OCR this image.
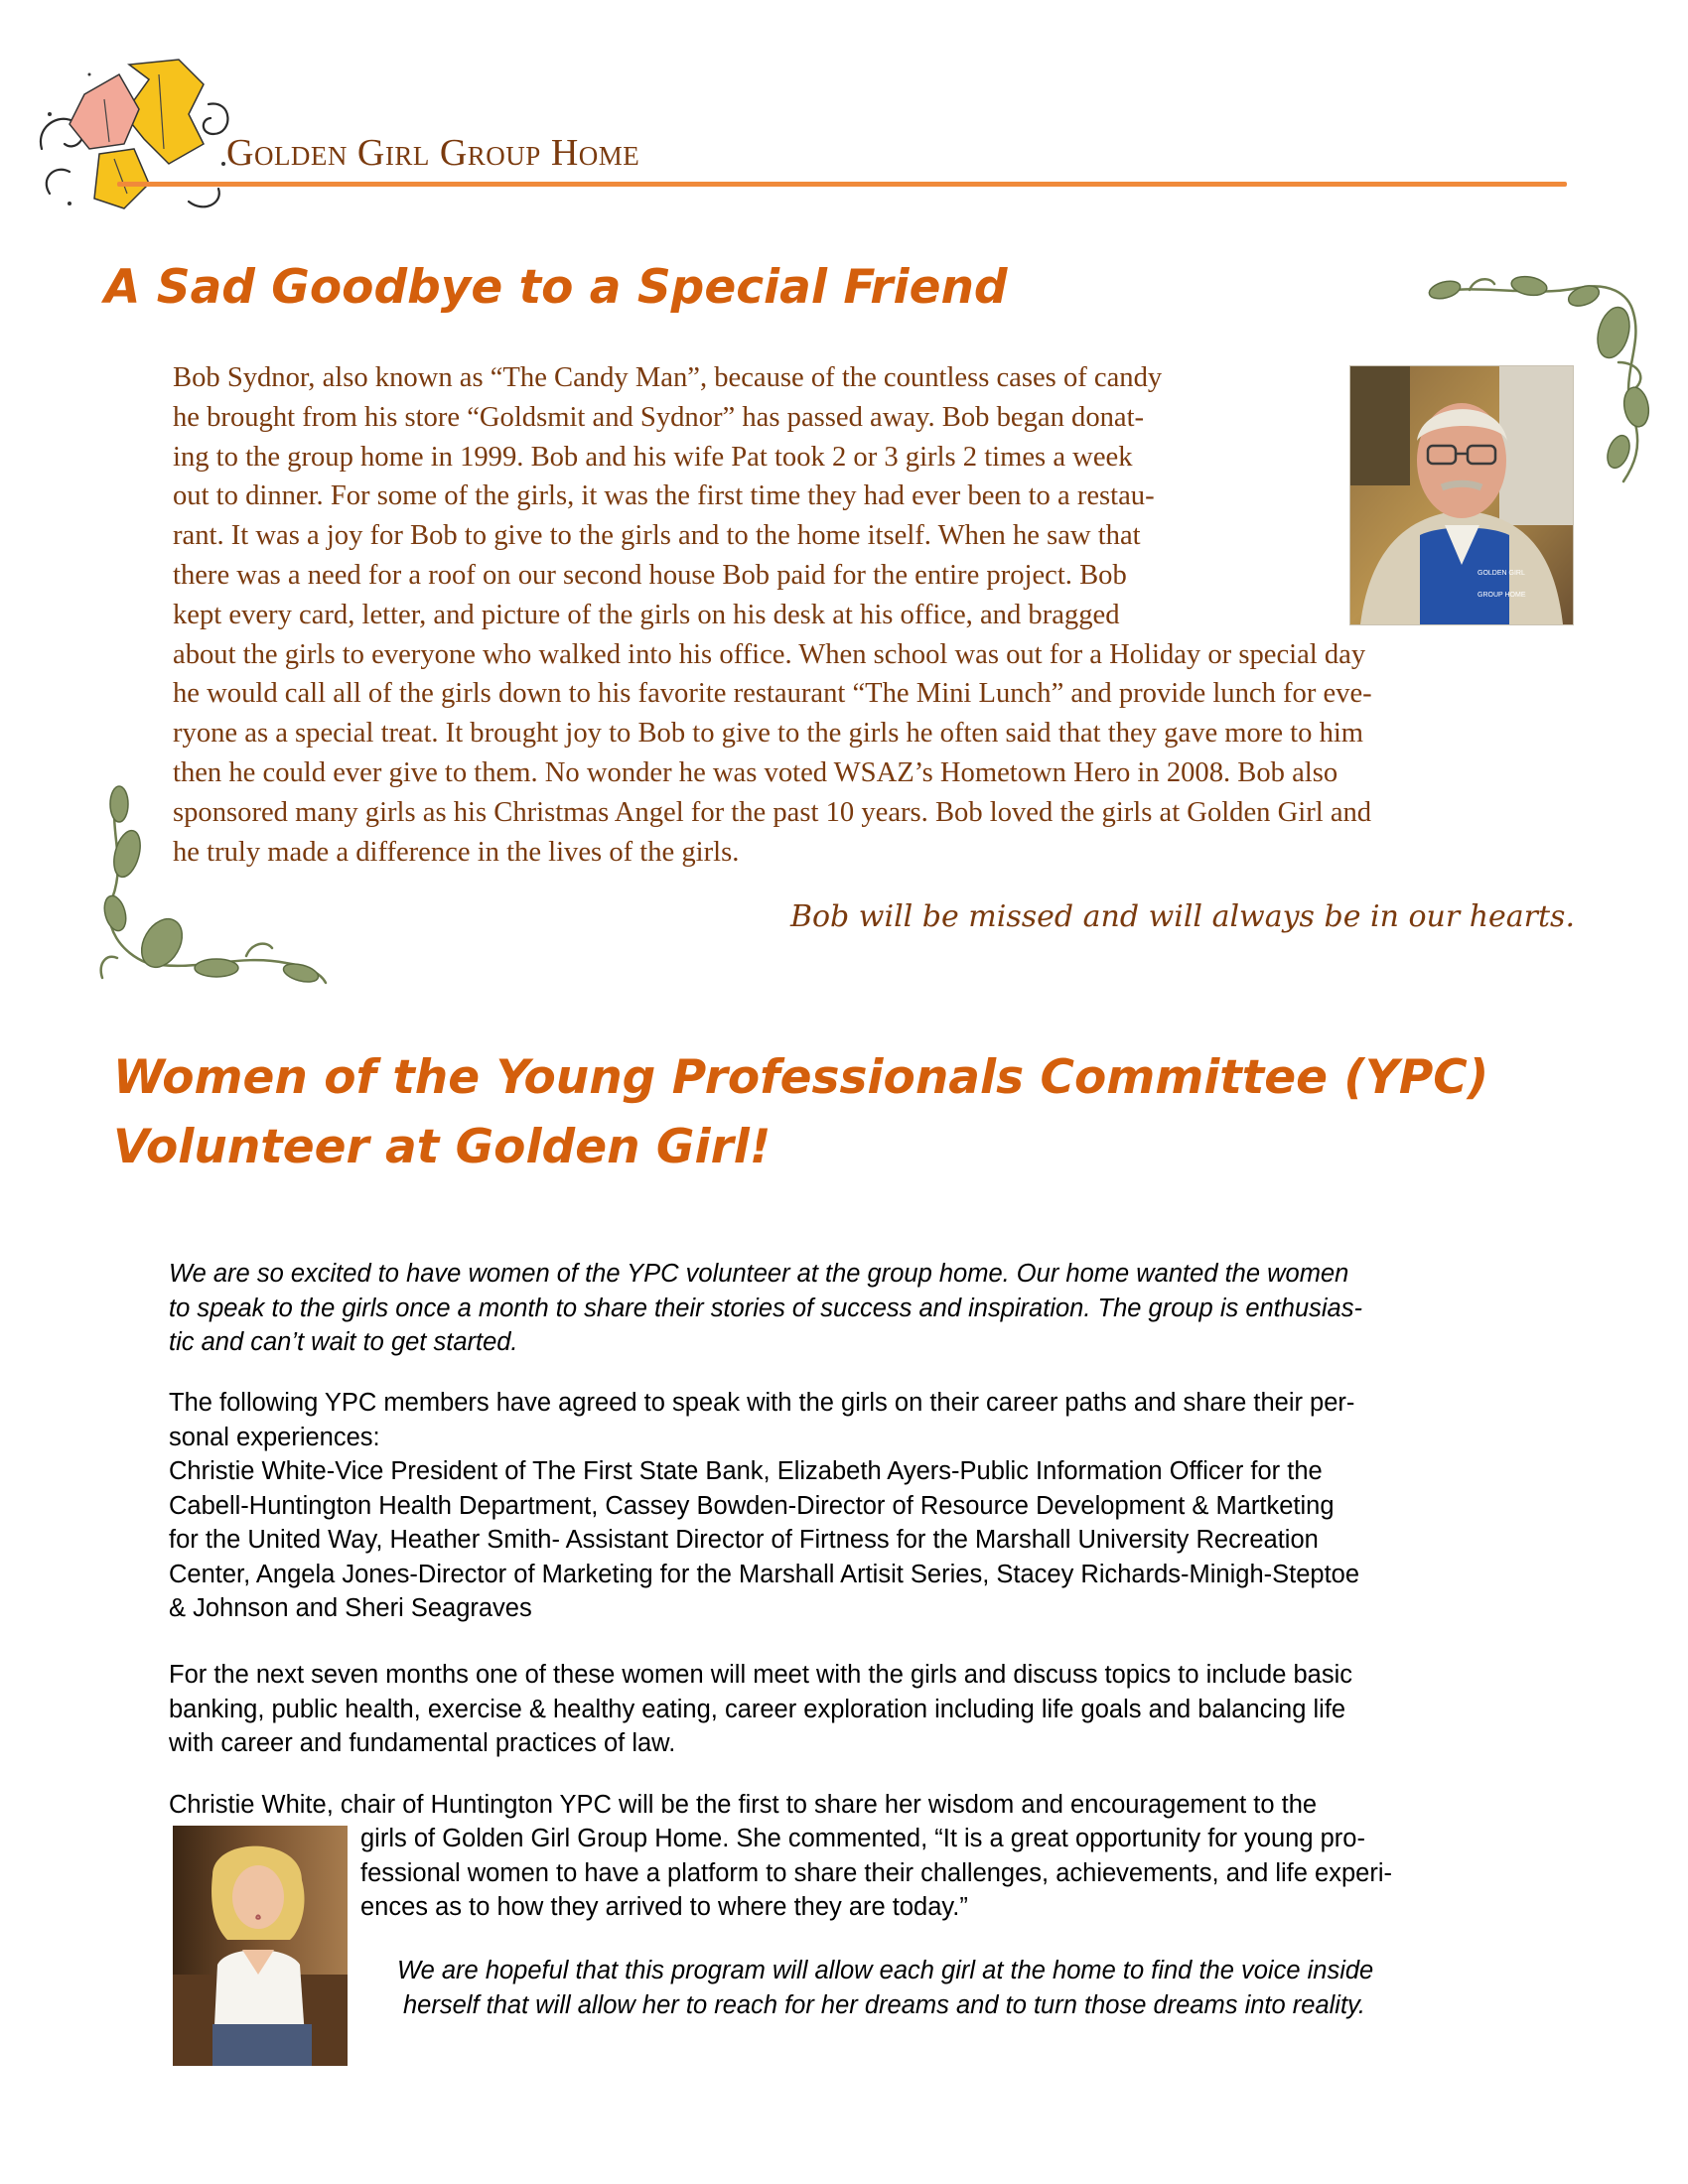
Golden Girl Group Home
A Sad Goodbye to a Special Friend
GOLDEN GIRL
GROUP HOME
Bob Sydnor, also known as “The Candy Man”, because of the countless cases of candy
he brought from his store “Goldsmit and Sydnor” has passed away. Bob began donat-
ing to the group home in 1999. Bob and his wife Pat took 2 or 3 girls 2 times a week
out to dinner. For some of the girls, it was the first time they had ever been to a restau-
rant. It was a joy for Bob to give to the girls and to the home itself. When he saw that
there was a need for a roof on our second house Bob paid for the entire project. Bob
kept every card, letter, and picture of the girls on his desk at his office, and bragged
about the girls to everyone who walked into his office. When school was out for a Holiday or special day
he would call all of the girls down to his favorite restaurant “The Mini Lunch” and provide lunch for eve-
ryone as a special treat. It brought joy to Bob to give to the girls he often said that they gave more to him
then he could ever give to them. No wonder he was voted WSAZ’s Hometown Hero in 2008. Bob also
sponsored many girls as his Christmas Angel for the past 10 years. Bob loved the girls at Golden Girl and
he truly made a difference in the lives of the girls.
Bob will be missed and will always be in our hearts.
Women of the Young Professionals Committee (YPC)
Volunteer at Golden Girl!
We are so excited to have women of the YPC volunteer at the group home. Our home wanted the women
to speak to the girls once a month to share their stories of success and inspiration. The group is enthusias-
tic and can’t wait to get started.
The following YPC members have agreed to speak with the girls on their career paths and share their per-
sonal experiences:
Christie White-Vice President of The First State Bank, Elizabeth Ayers-Public Information Officer for the
Cabell-Huntington Health Department, Cassey Bowden-Director of Resource Development & Martketing
for the United Way, Heather Smith- Assistant Director of Firtness for the Marshall University Recreation
Center, Angela Jones-Director of Marketing for the Marshall Artisit Series, Stacey Richards-Minigh-Steptoe
& Johnson and Sheri Seagraves
For the next seven months one of these women will meet with the girls and discuss topics to include basic
banking, public health, exercise & healthy eating, career exploration including life goals and balancing life
with career and fundamental practices of law.
Christie White, chair of Huntington YPC will be the first to share her wisdom and encouragement to the
girls of Golden Girl Group Home. She commented, “It is a great opportunity for young pro-
fessional women to have a platform to share their challenges, achievements, and life experi-
ences as to how they arrived to where they are today.”
We are hopeful that this program will allow each girl at the home to find the voice inside
herself that will allow her to reach for her dreams and to turn those dreams into reality.
